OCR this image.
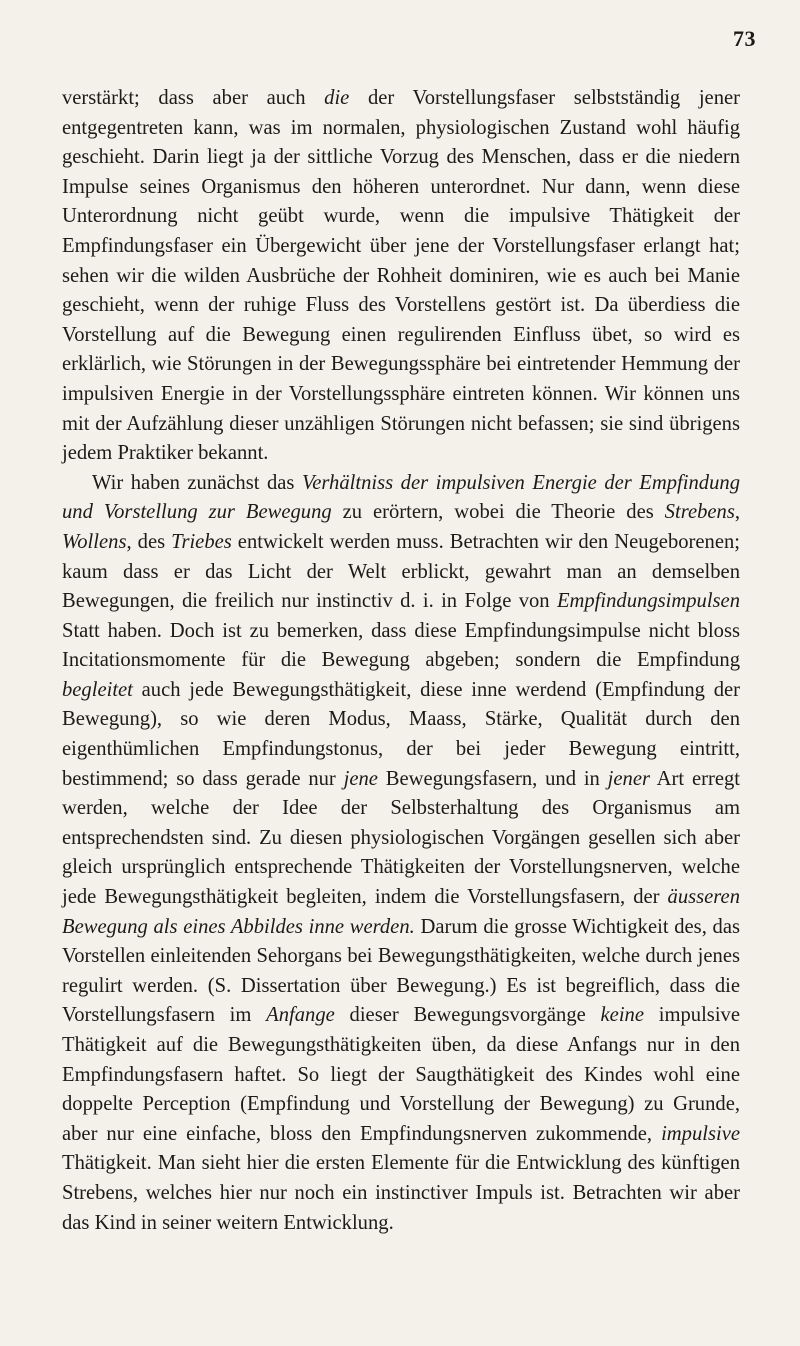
73

verstärkt; dass aber auch die der Vorstellungsfaser selbstständig jener entgegentreten kann, was im normalen, physiologischen Zustand wohl häufig geschieht. Darin liegt ja der sittliche Vorzug des Menschen, dass er die niedern Impulse seines Organismus den höheren unterordnet. Nur dann, wenn diese Unterordnung nicht geübt wurde, wenn die impulsive Thätigkeit der Empfindungsfaser ein Übergewicht über jene der Vorstellungsfaser erlangt hat; sehen wir die wilden Ausbrüche der Rohheit dominiren, wie es auch bei Manie geschieht, wenn der ruhige Fluss des Vorstellens gestört ist. Da überdiess die Vorstellung auf die Bewegung einen regulirenden Einfluss übet, so wird es erklärlich, wie Störungen in der Bewegungssphäre bei eintretender Hemmung der impulsiven Energie in der Vorstellungssphäre eintreten können. Wir können uns mit der Aufzählung dieser unzähligen Störungen nicht befassen; sie sind übrigens jedem Praktiker bekannt.

Wir haben zunächst das Verhältniss der impulsiven Energie der Empfindung und Vorstellung zur Bewegung zu erörtern, wobei die Theorie des Strebens, Wollens, des Triebes entwickelt werden muss. Betrachten wir den Neugeborenen; kaum dass er das Licht der Welt erblickt, gewahrt man an demselben Bewegungen, die freilich nur instinctiv d. i. in Folge von Empfindungsimpulsen Statt haben. Doch ist zu bemerken, dass diese Empfindungsimpulse nicht bloss Incitationsmomente für die Bewegung abgeben; sondern die Empfindung begleitet auch jede Bewegungsthätigkeit, diese inne werdend (Empfindung der Bewegung), so wie deren Modus, Maass, Stärke, Qualität durch den eigenthümlichen Empfindungstonus, der bei jeder Bewegung eintritt, bestimmend; so dass gerade nur jene Bewegungsfasern, und in jener Art erregt werden, welche der Idee der Selbsterhaltung des Organismus am entsprechendsten sind. Zu diesen physiologischen Vorgängen gesellen sich aber gleich ursprünglich entsprechende Thätigkeiten der Vorstellungsnerven, welche jede Bewegungsthätigkeit begleiten, indem die Vorstellungsfasern, der äusseren Bewegung als eines Abbildes inne werden. Darum die grosse Wichtigkeit des, das Vorstellen einleitenden Sehorgans bei Bewegungsthätigkeiten, welche durch jenes regulirt werden. (S. Dissertation über Bewegung.) Es ist begreiflich, dass die Vorstellungsfasern im Anfange dieser Bewegungsvorgänge keine impulsive Thätigkeit auf die Bewegungsthätigkeiten üben, da diese Anfangs nur in den Empfindungsfasern haftet. So liegt der Saugthätigkeit des Kindes wohl eine doppelte Perception (Empfindung und Vorstellung der Bewegung) zu Grunde, aber nur eine einfache, bloss den Empfindungsnerven zukommende, impulsive Thätigkeit. Man sieht hier die ersten Elemente für die Entwicklung des künftigen Strebens, welches hier nur noch ein instinctiver Impuls ist. Betrachten wir aber das Kind in seiner weitern Entwicklung.
